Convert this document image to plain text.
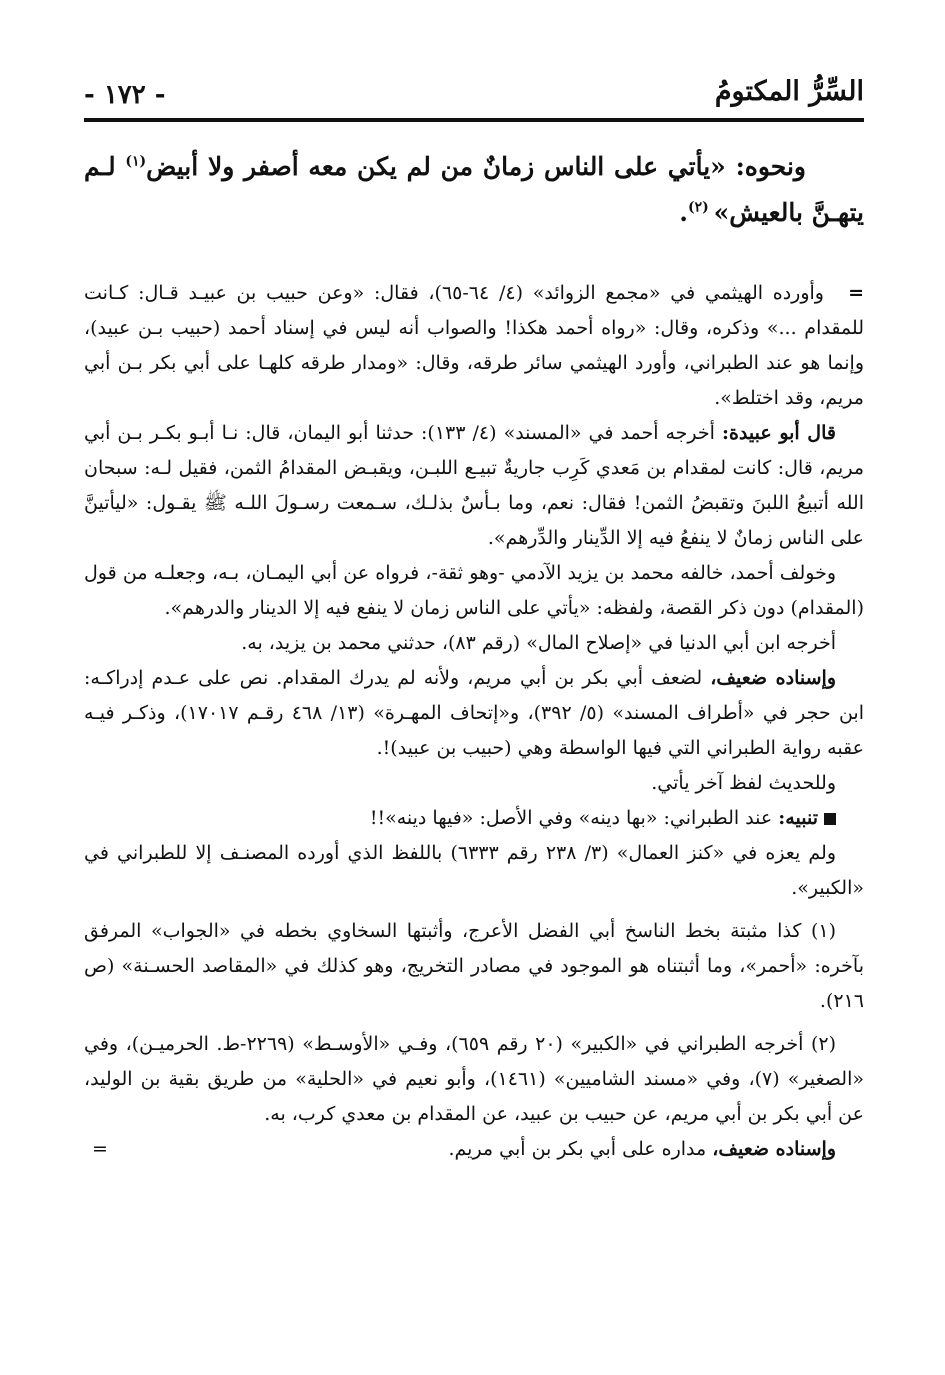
السِّرُّ المكتومُ
- ١٧٢ -

ونحوه: «يأتي على الناس زمانٌ من لم يكن معه أصفر ولا أبيض$^{(١)}$ لـم يتهـنَّ بالعيش» $^{(٢)}$.

=وأورده الهيثمي في «مجمع الزوائد» (٤/ ٦٤-٦٥)، فقال: «وعن حبيب بن عبيـد قـال: كـانت للمقدام ...» وذكره، وقال: «رواه أحمد هكذا! والصواب أنه ليس في إسناد أحمد (حبيب بـن عبيد)، وإنما هو عند الطبراني، وأورد الهيثمي سائر طرقه، وقال: «ومدار طرقه كلهـا على أبي بكر بـن أبي مريم، وقد اختلط».

قال أبو عبيدة: أخرجه أحمد في «المسند» (٤/ ١٣٣): حدثنا أبو اليمان، قال: نـا أبـو بكـر بـن أبي مريم، قال: كانت لمقدام بن مَعدي كَرِب جاريةٌ تبيـع اللبـن، ويقبـض المقدامُ الثمن، فقيل لـه: سبحان الله أتبيعُ اللبنَ وتقبضُ الثمن! فقال: نعم، وما بـأسٌ بذلـك، سـمعت رسـولَ اللـه ﷺ يقـول: «ليأتينَّ على الناس زمانٌ لا ينفعُ فيه إلا الدِّينار والدِّرهم».

وخولف أحمد، خالفه محمد بن يزيد الآدمي -وهو ثقة-، فرواه عن أبي اليمـان، بـه، وجعلـه من قول (المقدام) دون ذكر القصة، ولفظه: «يأتي على الناس زمان لا ينفع فيه إلا الدينار والدرهم».

أخرجه ابن أبي الدنيا في «إصلاح المال» (رقم ٨٣)، حدثني محمد بن يزيد، به.

وإسناده ضعيف، لضعف أبي بكر بن أبي مريم، ولأنه لم يدرك المقدام. نص على عـدم إدراكـه: ابن حجر في «أطراف المسند» (٥/ ٣٩٢)، و«إتحاف المهـرة» (١٣/ ٤٦٨ رقـم ١٧٠١٧)، وذكـر فيـه عقبه رواية الطبراني التي فيها الواسطة وهي (حبيب بن عبيد)!.

وللحديث لفظ آخر يأتي.

تنبيه: عند الطبراني: «بها دينه» وفي الأصل: «فيها دينه»!!

ولم يعزه في «كنز العمال» (٣/ ٢٣٨ رقم ٦٣٣٣) باللفظ الذي أورده المصنـف إلا للطبراني في «الكبير».

(١) كذا مثبتة بخط الناسخ أبي الفضل الأعرج، وأثبتها السخاوي بخطه في «الجواب» المرفق بآخره: «أحمر»، وما أثبتناه هو الموجود في مصادر التخريج، وهو كذلك في «المقاصد الحسـنة» (ص ٢١٦).

(٢) أخرجه الطبراني في «الكبير» (٢٠ رقم ٦٥٩)، وفـي «الأوسـط» (٢٢٦٩-ط. الحرميـن)، وفي «الصغير» (٧)، وفي «مسند الشاميين» (١٤٦١)، وأبو نعيم في «الحلية» من طريق بقية بن الوليد، عن أبي بكر بن أبي مريم، عن حبيب بن عبيد، عن المقدام بن معدي كرب، به.

وإسناده ضعيف، مداره على أبي بكر بن أبي مريم.
=
